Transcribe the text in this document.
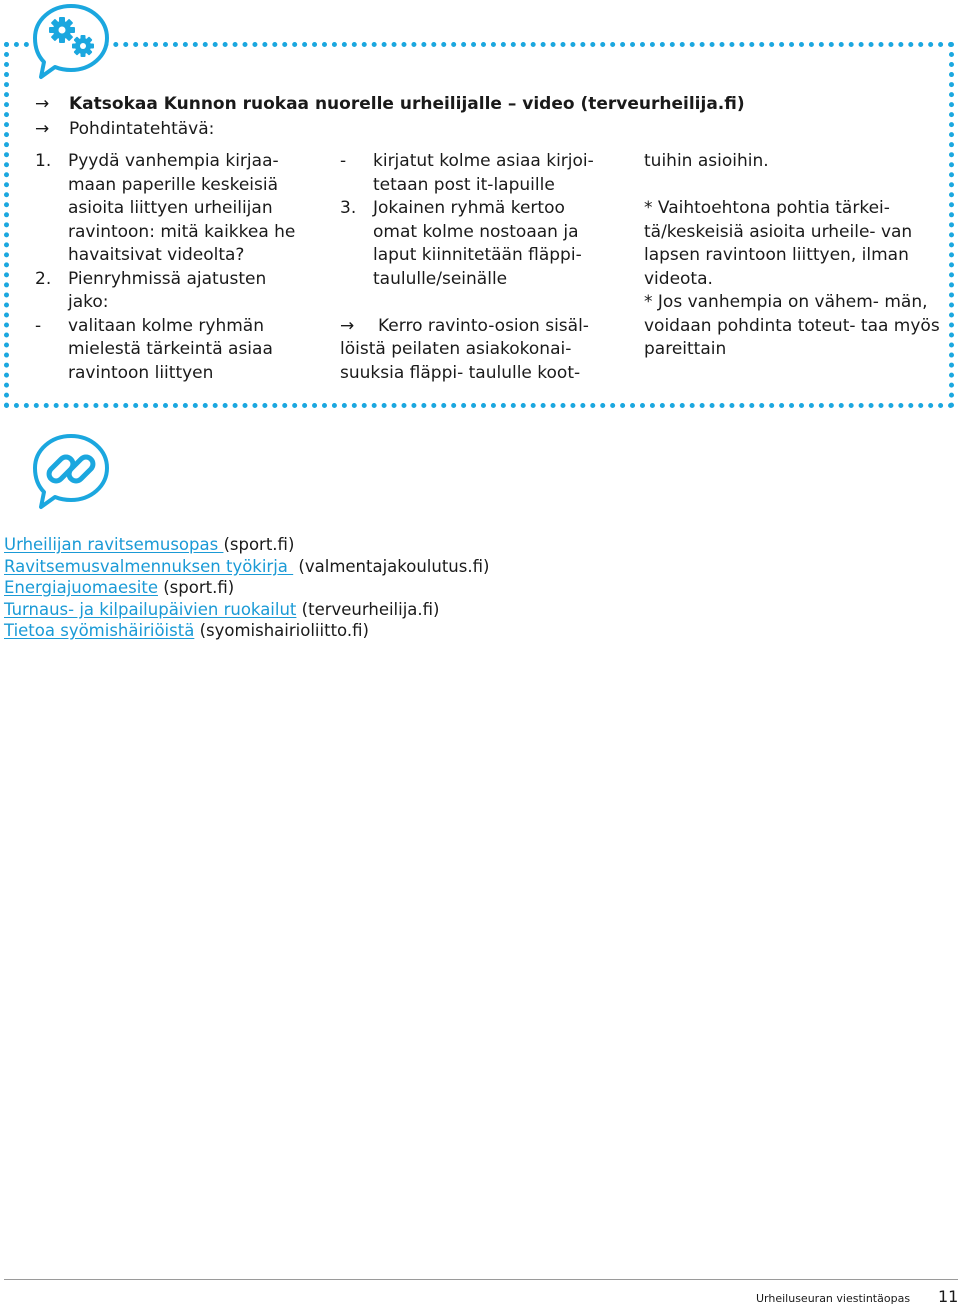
→ Katsokaa Kunnon ruokaa nuorelle urheilijalle – video (terveurheilija.fi)
→ Pohdintatehtävä:
1. Pyydä vanhempia kirjaa-
maan paperille keskeisiä
asioita liittyen urheilijan
ravintoon: mitä kaikkea he
havaitsivat videolta?
2. Pienryhmissä ajatusten
jako:
- valitaan kolme ryhmän
mielestä tärkeintä asiaa
ravintoon liittyen
- kirjatut kolme asiaa kirjoi-
tetaan post it-lapuille
3. Jokainen ryhmä kertoo
omat kolme nostoaan ja
laput kiinnitetään fläppi-
taululle/seinälle
→ Kerro ravinto-osion sisäl- löistä peilaten asiakokonai- suuksia fläppi- taululle koot-
tuihin asioihin.
* Vaihtoehtona pohtia tärkei- tä/keskeisiä asioita urheile- van lapsen ravintoon liittyen, ilman videota.
* Jos vanhempia on vähem- män, voidaan pohdinta toteut- taa myös pareittain
Urheilijan ravitsemusopas (sport.fi)
Ravitsemusvalmennuksen työkirja  (valmentajakoulutus.fi)
Energiajuomaesite (sport.fi)
Turnaus- ja kilpailupäivien ruokailut (terveurheilija.fi)
Tietoa syömishäiriöistä (syomishairioliitto.fi)
Urheiluseuran viestintäopas 11
